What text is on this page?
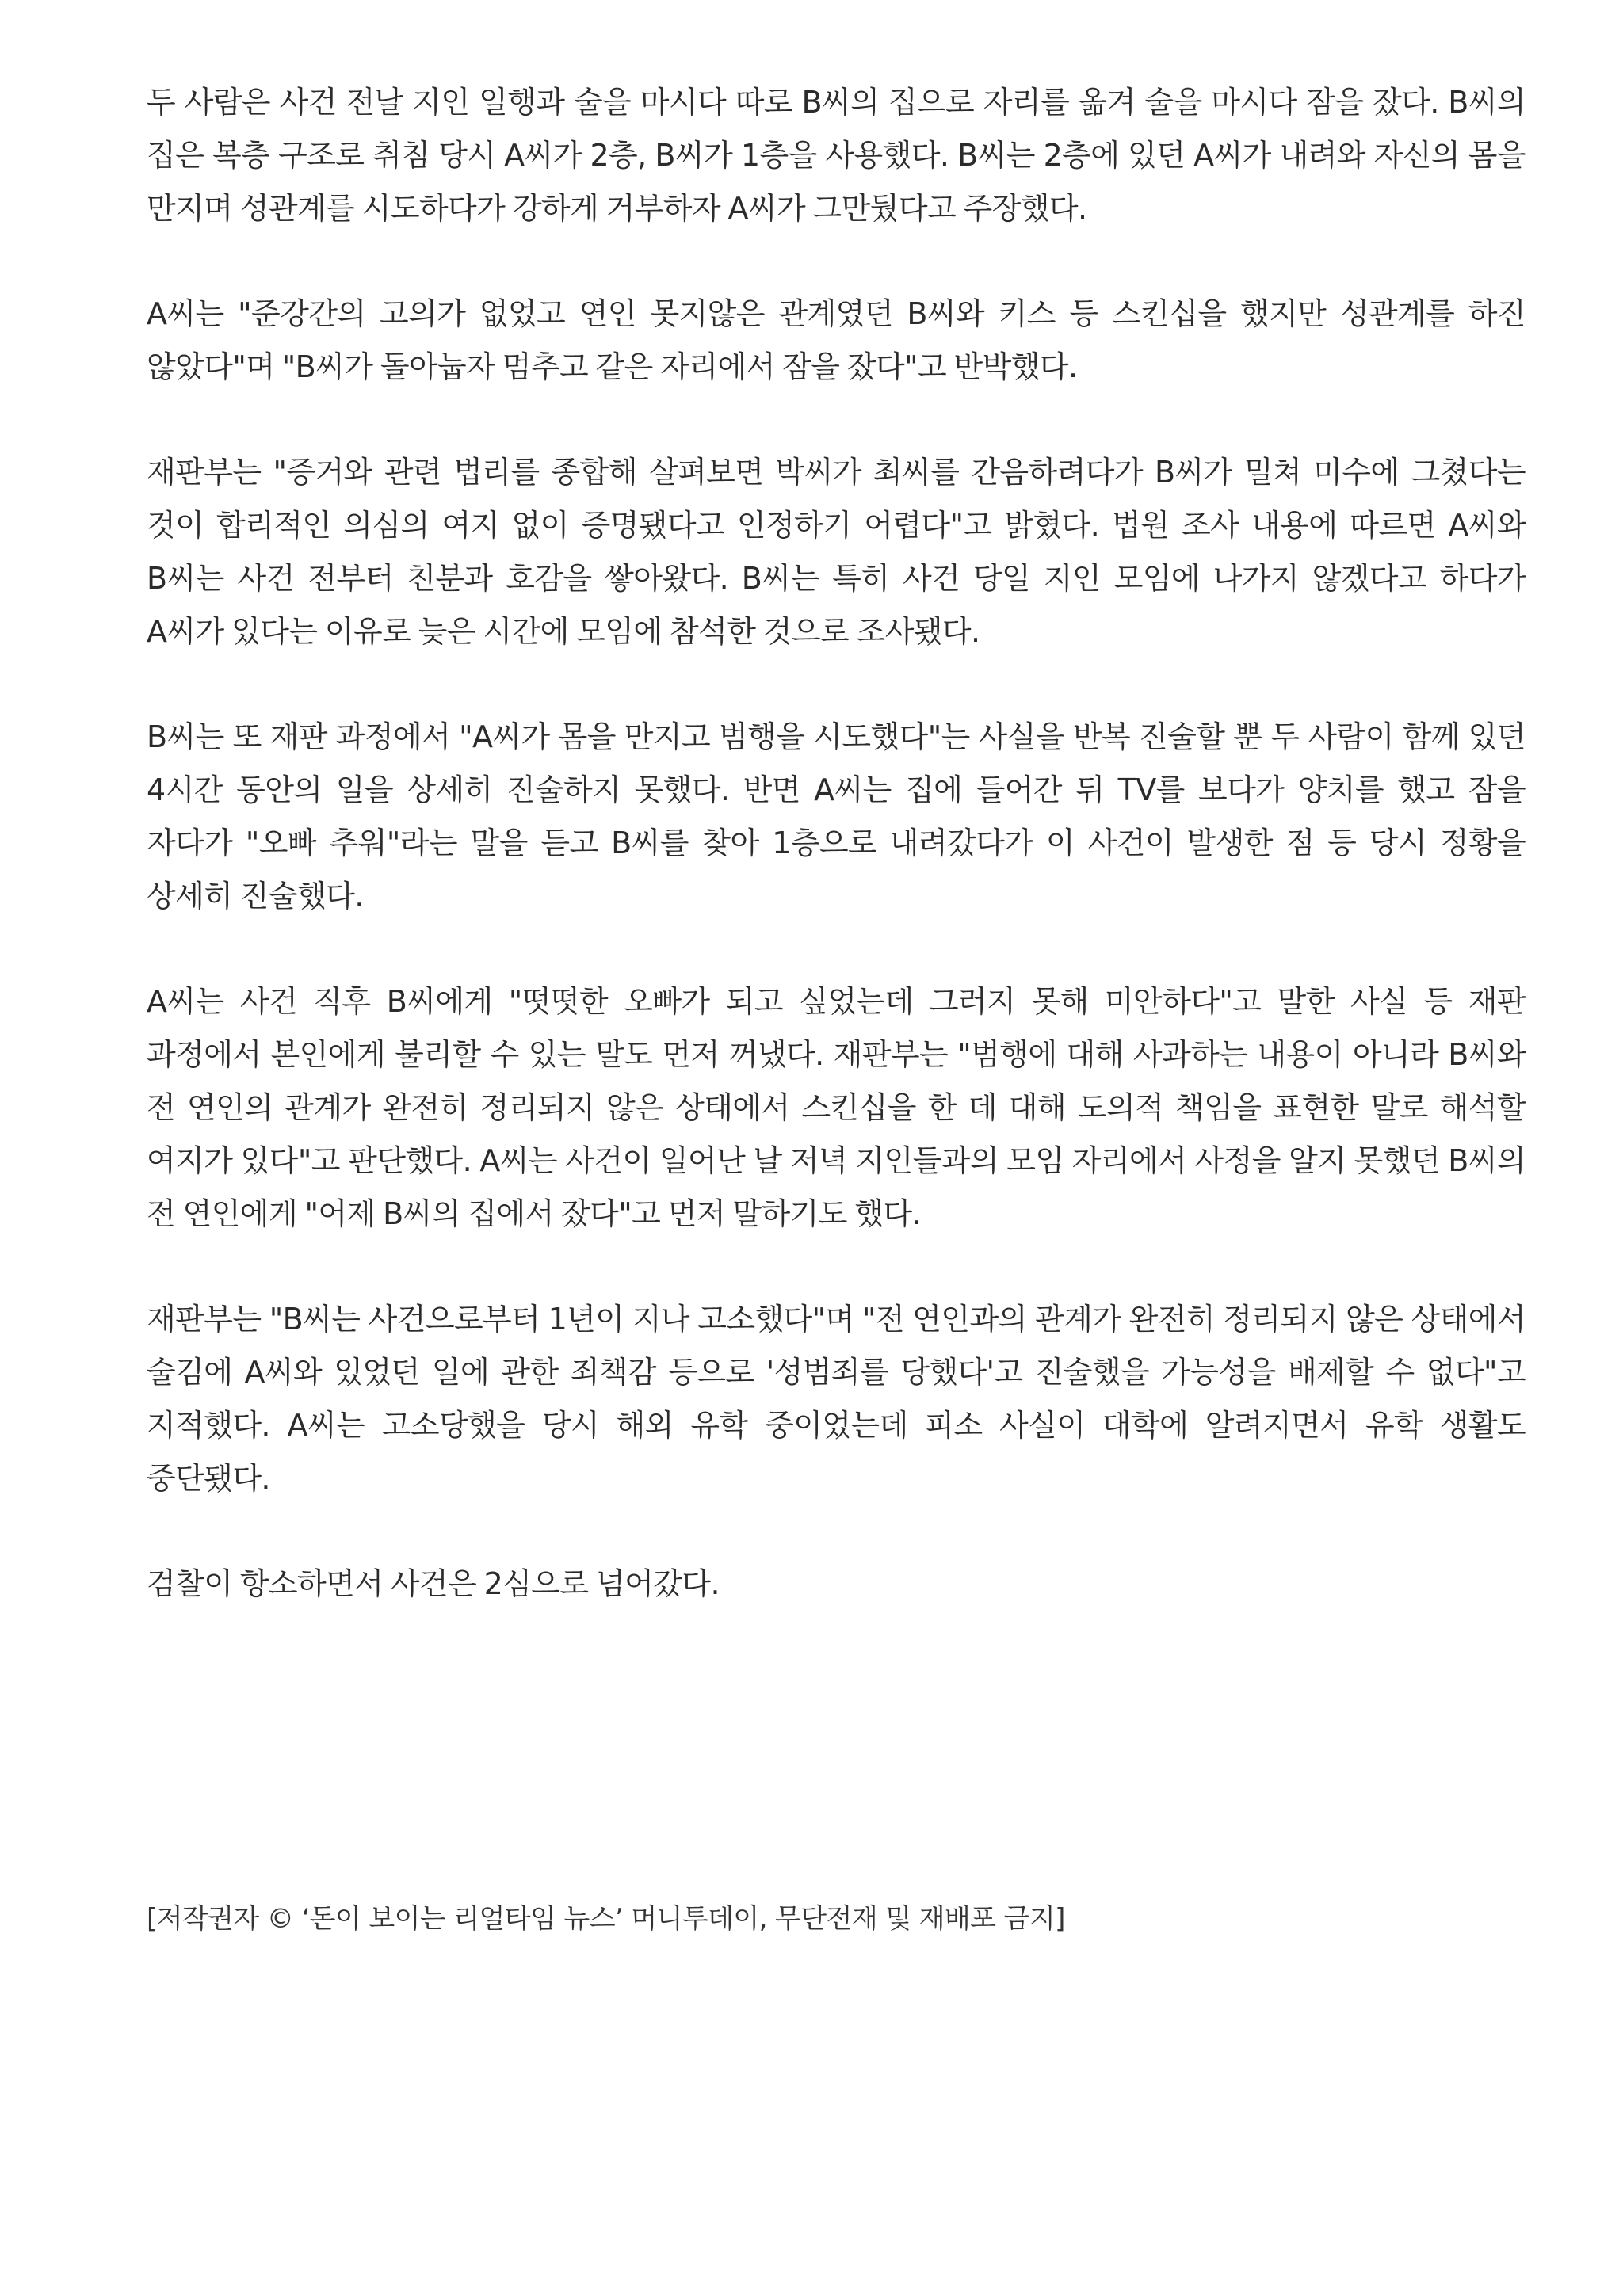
두 사람은 사건 전날 지인 일행과 술을 마시다 따로 B씨의 집으로 자리를 옮겨 술을 마시다 잠을 잤다. B씨의 집은 복층 구조로 취침 당시 A씨가 2층, B씨가 1층을 사용했다. B씨는 2층에 있던 A씨가 내려와 자신의 몸을 만지며 성관계를 시도하다가 강하게 거부하자 A씨가 그만뒀다고 주장했다.

A씨는 "준강간의 고의가 없었고 연인 못지않은 관계였던 B씨와 키스 등 스킨십을 했지만 성관계를 하진 않았다"며 "B씨가 돌아눕자 멈추고 같은 자리에서 잠을 잤다"고 반박했다.

재판부는 "증거와 관련 법리를 종합해 살펴보면 박씨가 최씨를 간음하려다가 B씨가 밀쳐 미수에 그쳤다는 것이 합리적인 의심의 여지 없이 증명됐다고 인정하기 어렵다"고 밝혔다. 법원 조사 내용에 따르면 A씨와 B씨는 사건 전부터 친분과 호감을 쌓아왔다. B씨는 특히 사건 당일 지인 모임에 나가지 않겠다고 하다가 A씨가 있다는 이유로 늦은 시간에 모임에 참석한 것으로 조사됐다.

B씨는 또 재판 과정에서 "A씨가 몸을 만지고 범행을 시도했다"는 사실을 반복 진술할 뿐 두 사람이 함께 있던 4시간 동안의 일을 상세히 진술하지 못했다. 반면 A씨는 집에 들어간 뒤 TV를 보다가 양치를 했고 잠을 자다가 "오빠 추워"라는 말을 듣고 B씨를 찾아 1층으로 내려갔다가 이 사건이 발생한 점 등 당시 정황을 상세히 진술했다.

A씨는 사건 직후 B씨에게 "떳떳한 오빠가 되고 싶었는데 그러지 못해 미안하다"고 말한 사실 등 재판 과정에서 본인에게 불리할 수 있는 말도 먼저 꺼냈다. 재판부는 "범행에 대해 사과하는 내용이 아니라 B씨와 전 연인의 관계가 완전히 정리되지 않은 상태에서 스킨십을 한 데 대해 도의적 책임을 표현한 말로 해석할 여지가 있다"고 판단했다. A씨는 사건이 일어난 날 저녁 지인들과의 모임 자리에서 사정을 알지 못했던 B씨의 전 연인에게 "어제 B씨의 집에서 잤다"고 먼저 말하기도 했다.

재판부는 "B씨는 사건으로부터 1년이 지나 고소했다"며 "전 연인과의 관계가 완전히 정리되지 않은 상태에서 술김에 A씨와 있었던 일에 관한 죄책감 등으로 '성범죄를 당했다'고 진술했을 가능성을 배제할 수 없다"고 지적했다. A씨는 고소당했을 당시 해외 유학 중이었는데 피소 사실이 대학에 알려지면서 유학 생활도 중단됐다.

검찰이 항소하면서 사건은 2심으로 넘어갔다.

[저작권자 © ‘돈이 보이는 리얼타임 뉴스’ 머니투데이, 무단전재 및 재배포 금지]
